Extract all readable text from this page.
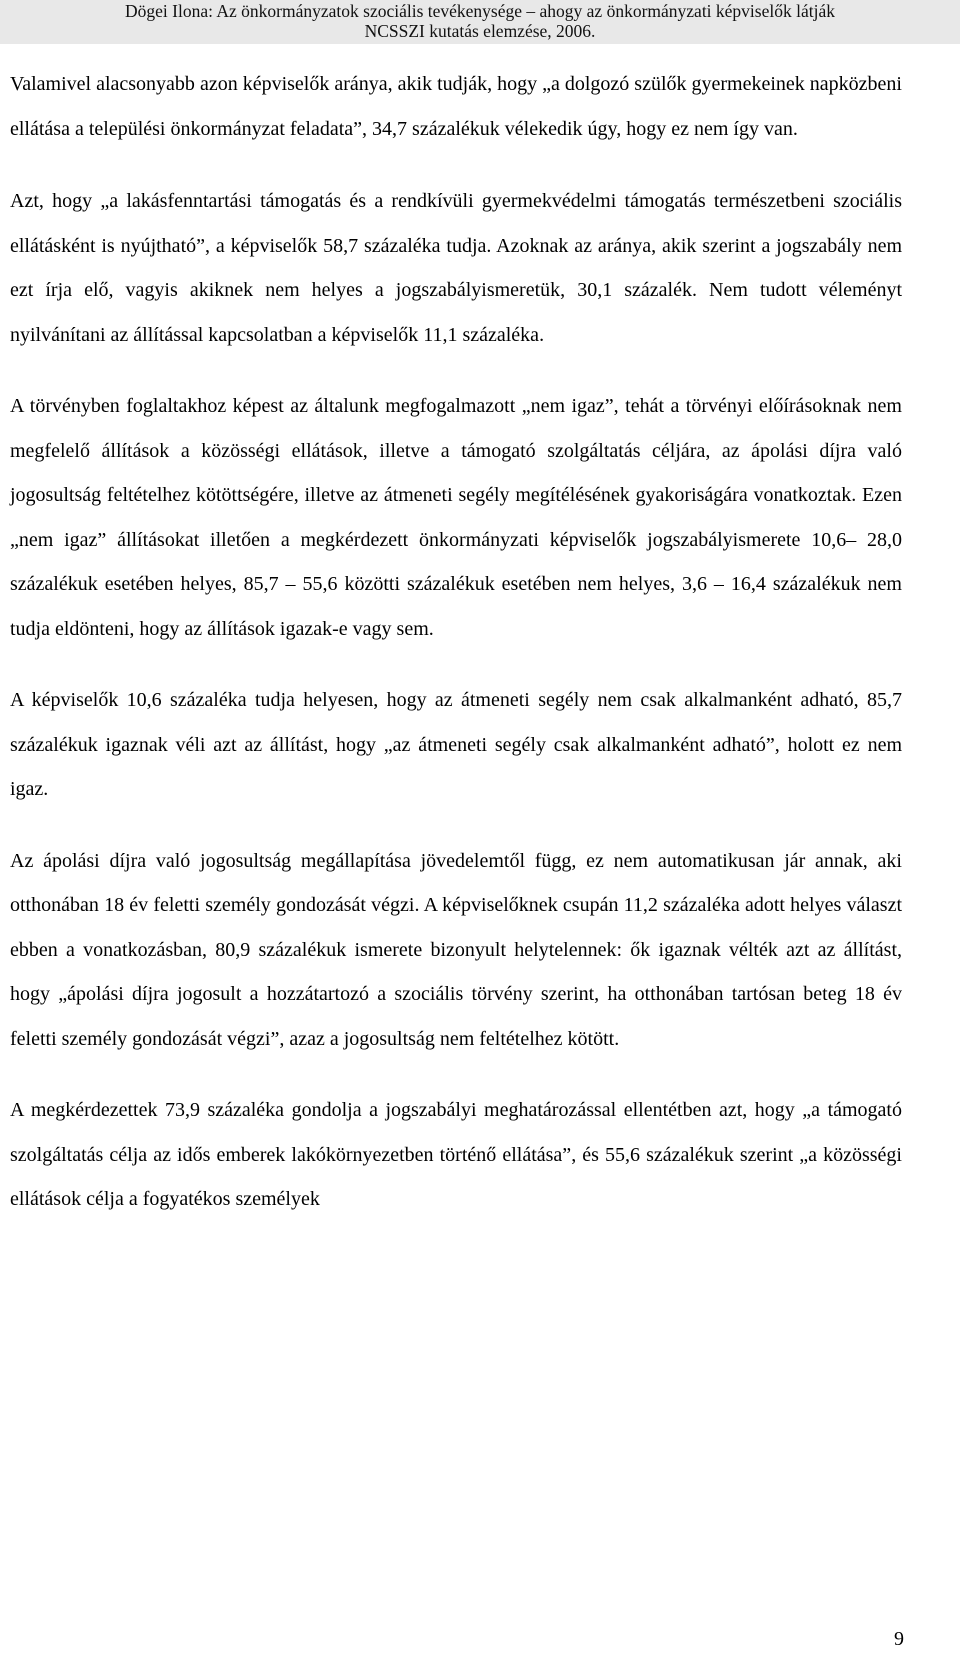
Dögei Ilona: Az önkormányzatok szociális tevékenysége – ahogy az önkormányzati képviselők látják
NCSSZI kutatás elemzése, 2006.

Valamivel alacsonyabb azon képviselők aránya, akik tudják, hogy „a dolgozó szülők gyermekeinek napközbeni ellátása a települési önkormányzat feladata”, 34,7 százalékuk vélekedik úgy, hogy ez nem így van.

Azt, hogy „a lakásfenntartási támogatás és a rendkívüli gyermekvédelmi támogatás természetbeni szociális ellátásként is nyújtható”, a képviselők 58,7 százaléka tudja. Azoknak az aránya, akik szerint a jogszabály nem ezt írja elő, vagyis akiknek nem helyes a jogszabályismeretük, 30,1 százalék. Nem tudott véleményt nyilvánítani az állítással kapcsolatban a képviselők 11,1 százaléka.

A törvényben foglaltakhoz képest az általunk megfogalmazott „nem igaz”, tehát a törvényi előírásoknak nem megfelelő állítások a közösségi ellátások, illetve a támogató szolgáltatás céljára, az ápolási díjra való jogosultság feltételhez kötöttségére, illetve az átmeneti segély megítélésének gyakoriságára vonatkoztak. Ezen „nem igaz” állításokat illetően a megkérdezett önkormányzati képviselők jogszabályismerete 10,6– 28,0 százalékuk esetében helyes, 85,7 – 55,6 közötti százalékuk esetében nem helyes, 3,6 – 16,4 százalékuk nem tudja eldönteni, hogy az állítások igazak-e vagy sem.

A képviselők 10,6 százaléka tudja helyesen, hogy az átmeneti segély nem csak alkalmanként adható, 85,7 százalékuk igaznak véli azt az állítást, hogy „az átmeneti segély csak alkalmanként adható”, holott ez nem igaz.

Az ápolási díjra való jogosultság megállapítása jövedelemtől függ, ez nem automatikusan jár annak, aki otthonában 18 év feletti személy gondozását végzi. A képviselőknek csupán 11,2 százaléka adott helyes választ ebben a vonatkozásban, 80,9 százalékuk ismerete bizonyult helytelennek: ők igaznak vélték azt az állítást, hogy „ápolási díjra jogosult a hozzátartozó a szociális törvény szerint, ha otthonában tartósan beteg 18 év feletti személy gondozását végzi”, azaz a jogosultság nem feltételhez kötött.

A megkérdezettek 73,9 százaléka gondolja a jogszabályi meghatározással ellentétben azt, hogy „a támogató szolgáltatás célja az idős emberek lakókörnyezetben történő ellátása”, és 55,6 százalékuk szerint „a közösségi ellátások célja a fogyatékos személyek

9
